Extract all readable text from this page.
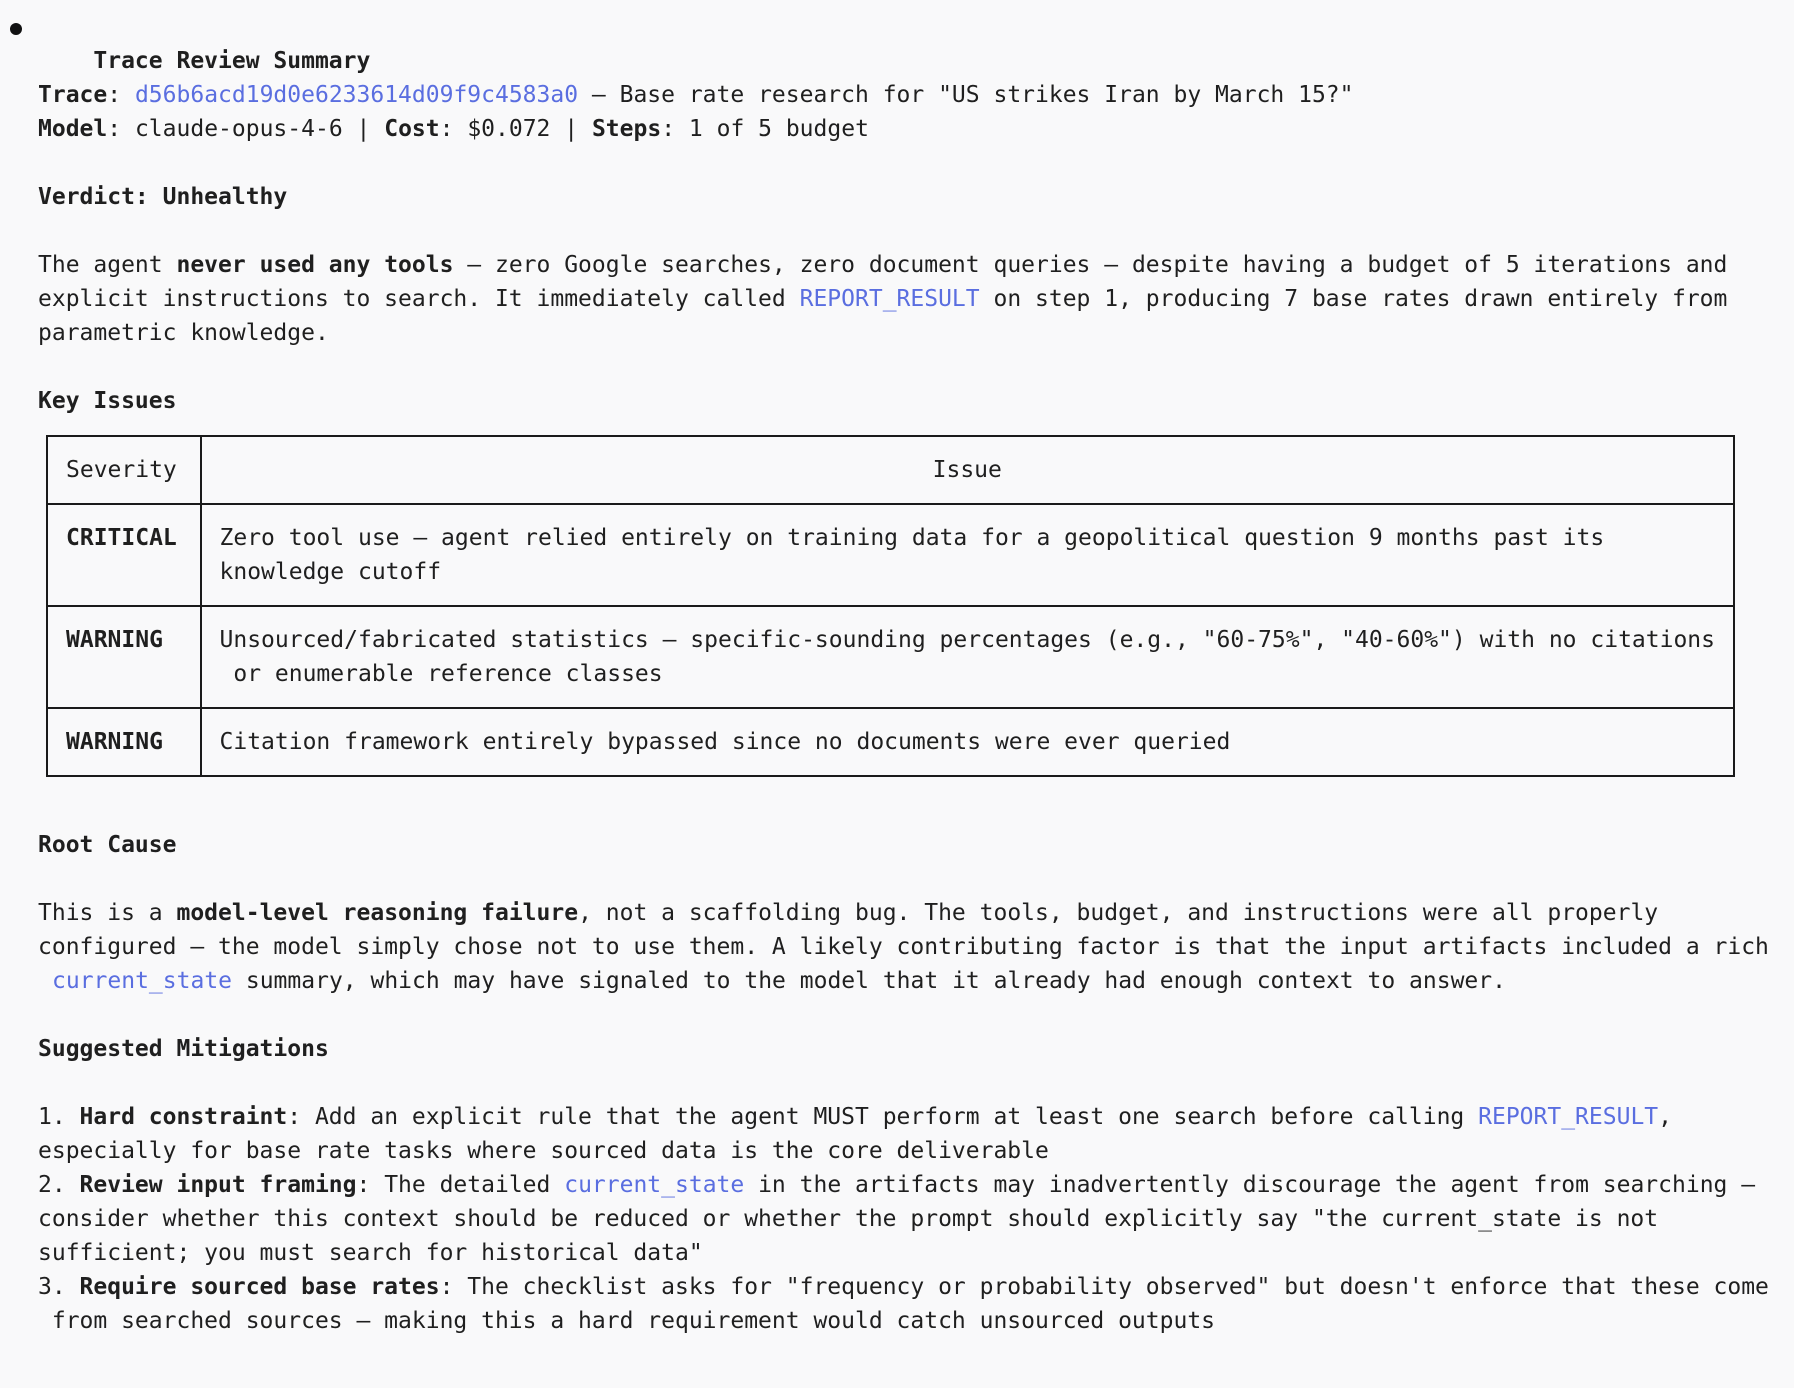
Trace Review Summary

Trace: d56b6acd19d0e6233614d09f9c4583a0 – Base rate research for "US strikes Iran by March 15?"
Model: claude-opus-4-6 | Cost: $0.072 | Steps: 1 of 5 budget
Verdict: Unhealthy
The agent never used any tools – zero Google searches, zero document queries – despite having a budget of 5 iterations and
explicit instructions to search. It immediately called REPORT_RESULT on step 1, producing 7 base rates drawn entirely from
parametric knowledge.
Key Issues
Severity	Issue
CRITICAL	Zero tool use – agent relied entirely on training data for a geopolitical question 9 months past its
knowledge cutoff

WARNING	Unsourced/fabricated statistics – specific-sounding percentages (e.g., "60-75%", "40-60%") with no citations
or enumerable reference classes

WARNING	Citation framework entirely bypassed since no documents were ever queried
Root Cause
This is a model-level reasoning failure, not a scaffolding bug. The tools, budget, and instructions were all properly
configured – the model simply chose not to use them. A likely contributing factor is that the input artifacts included a rich
current_state summary, which may have signaled to the model that it already had enough context to answer.
Suggested Mitigations
1. Hard constraint: Add an explicit rule that the agent MUST perform at least one search before calling REPORT_RESULT,
especially for base rate tasks where sourced data is the core deliverable
2. Review input framing: The detailed current_state in the artifacts may inadvertently discourage the agent from searching –
consider whether this context should be reduced or whether the prompt should explicitly say "the current_state is not
sufficient; you must search for historical data"
3. Require sourced base rates: The checklist asks for "frequency or probability observed" but doesn't enforce that these come
from searched sources – making this a hard requirement would catch unsourced outputs
